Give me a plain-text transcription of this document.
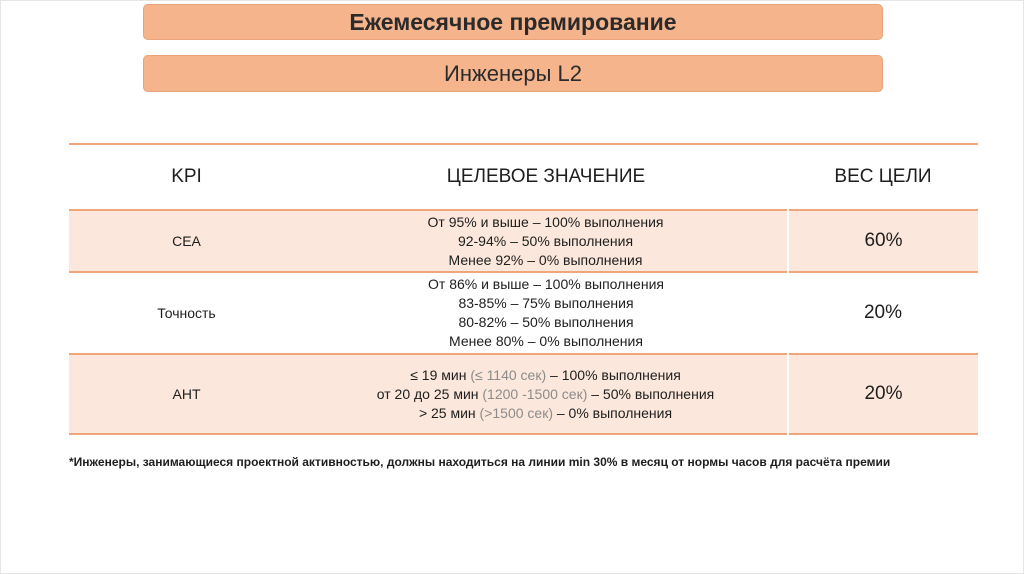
Ежемесячное премирование
Инженеры L2
KPI	ЦЕЛЕВОЕ ЗНАЧЕНИЕ	ВЕС ЦЕЛИ
CEA	От 95% и выше – 100% выполнения
92-94% – 50% выполнения
Менее 92% – 0% выполнения	60%
Точность	От 86% и выше – 100% выполнения
83-85% – 75% выполнения
80-82% – 50% выполнения
Менее 80% – 0% выполнения	20%
AHT	≤ 19 мин (≤ 1140 сек) – 100% выполнения
от 20 до 25 мин (1200 -1500 сек) – 50% выполнения
> 25 мин (>1500 сек) – 0% выполнения	20%
*Инженеры, занимающиеся проектной активностью, должны находиться на линии min 30% в месяц от нормы часов для расчёта премии
